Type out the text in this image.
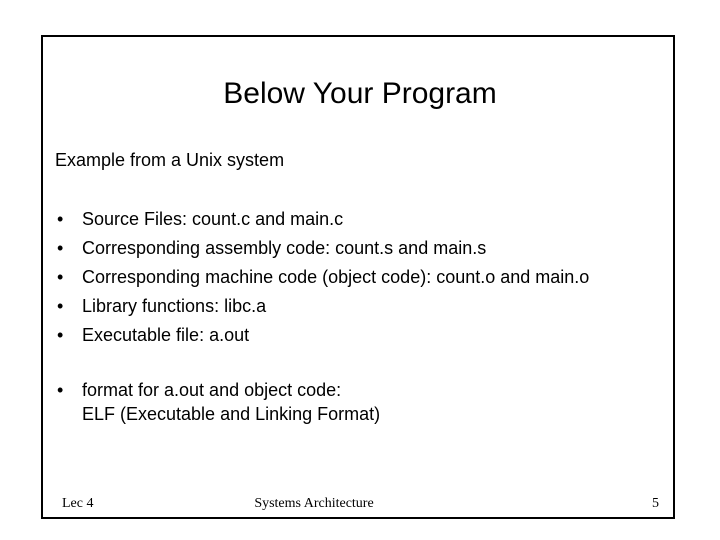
Below Your Program
Example from a Unix system
• Source Files: count.c and main.c
• Corresponding assembly code: count.s and main.s
• Corresponding machine code (object code): count.o and main.o
• Library functions: libc.a
• Executable file: a.out
• format for a.out and object code:
ELF (Executable and Linking Format)
Lec 4	Systems Architecture	5
